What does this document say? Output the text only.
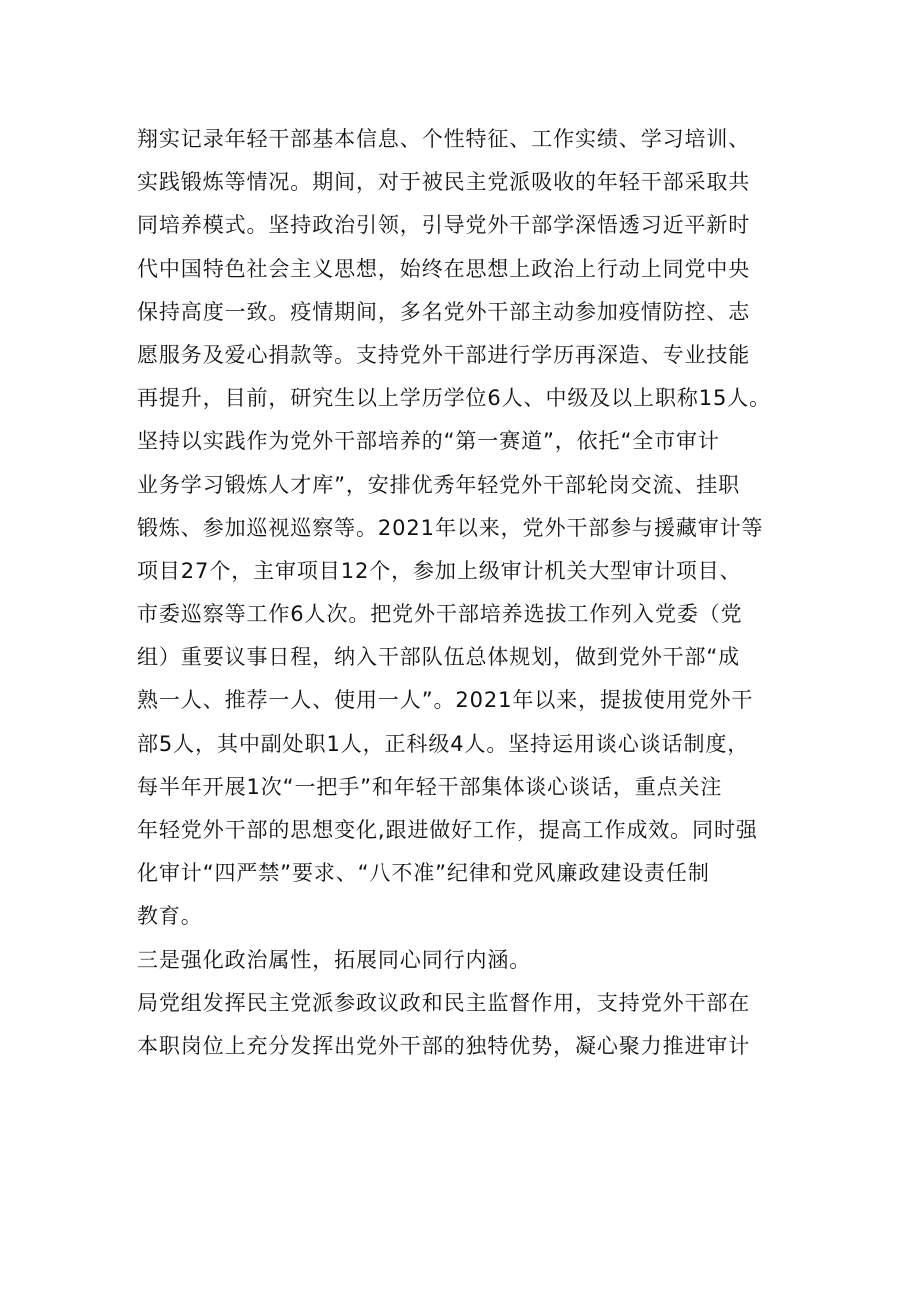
翔实记录年轻干部基本信息、个性特征、工作实绩、学习培训、
实践锻炼等情况。期间，对于被民主党派吸收的年轻干部采取共
同培养模式。坚持政治引领，引导党外干部学深悟透习近平新时
代中国特色社会主义思想，始终在思想上政治上行动上同党中央
保持高度一致。疫情期间，多名党外干部主动参加疫情防控、志
愿服务及爱心捐款等。支持党外干部进行学历再深造、专业技能
再提升，目前，研究生以上学历学位6人、中级及以上职称15人。
坚持以实践作为党外干部培养的“第一赛道”，依托“全市审计
业务学习锻炼人才库”，安排优秀年轻党外干部轮岗交流、挂职
锻炼、参加巡视巡察等。2021年以来，党外干部参与援藏审计等
项目27个，主审项目12个，参加上级审计机关大型审计项目、
市委巡察等工作6人次。把党外干部培养选拔工作列入党委（党
组）重要议事日程，纳入干部队伍总体规划，做到党外干部“成
熟一人、推荐一人、使用一人”。2021年以来，提拔使用党外干
部5人，其中副处职1人，正科级4人。坚持运用谈心谈话制度，
每半年开展1次“一把手”和年轻干部集体谈心谈话，重点关注
年轻党外干部的思想变化,跟进做好工作，提高工作成效。同时强
化审计“四严禁”要求、“八不准”纪律和党风廉政建设责任制
教育。
三是强化政治属性，拓展同心同行内涵。
局党组发挥民主党派参政议政和民主监督作用，支持党外干部在
本职岗位上充分发挥出党外干部的独特优势，凝心聚力推进审计
